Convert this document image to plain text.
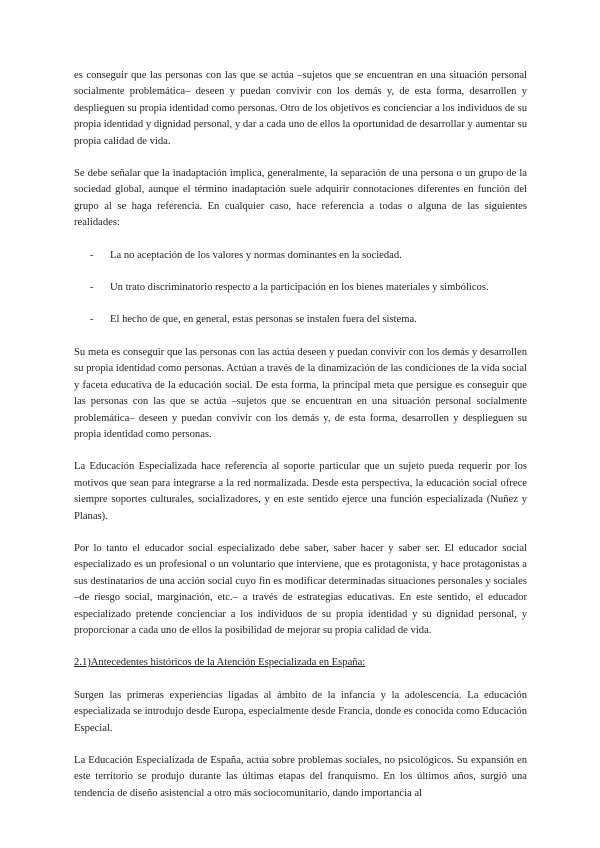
es conseguir que las personas con las que se actúa –sujetos que se encuentran en una situación personal socialmente problemática– deseen y puedan convivir con los demás y, de esta forma, desarrollen y desplieguen su propia identidad como personas. Otro de los objetivos es concienciar a los individuos de su propia identidad y dignidad personal, y dar a cada uno de ellos la oportunidad de desarrollar y aumentar su propia calidad de vida.

Se debe señalar que la inadaptación implica, generalmente, la separación de una persona o un grupo de la sociedad global, aunque el término inadaptación suele adquirir connotaciones diferentes en función del grupo al se haga referencia. En cualquier caso, hace referencia a todas o alguna de las siguientes realidades:

- La no aceptación de los valores y normas dominantes en la sociedad.
- Un trato discriminatorio respecto a la participación en los bienes materiales y simbólicos.
- El hecho de que, en general, estas personas se instalen fuera del sistema.

Su meta es conseguir que las personas con las actúa deseen y puedan convivir con los demás y desarrollen su propia identidad como personas. Actúan a través de la dinamización de las condiciones de la vida social y faceta educativa de la educación social. De esta forma, la principal meta que persigue es conseguir que las personas con las que se actúa –sujetos que se encuentran en una situación personal socialmente problemática– deseen y puedan convivir con los demás y, de esta forma, desarrollen y desplieguen su propia identidad como personas.

La Educación Especializada hace referencia al soporte particular que un sujeto pueda requerir por los motivos que sean para integrarse a la red normalizada. Desde esta perspectiva, la educación social ofrece siempre soportes culturales, socializadores, y en este sentido ejerce una función especializada (Nuñez y Planas).

Por lo tanto el educador social especializado debe saber, saber hacer y saber ser. El educador social especializado es un profesional o un voluntario que interviene, que es protagonista, y hace protagonistas a sus destinatarios de una acción social cuyo fin es modificar determinadas situaciones personales y sociales –de riesgo social, marginación, etc.– a través de estrategias educativas. En este sentido, el educador especializado pretende concienciar a los individuos de su propia identidad y su dignidad personal, y proporcionar a cada uno de ellos la posibilidad de mejorar su propia calidad de vida.

2.1)Antecedentes históricos de la Atención Especializada en España:

Surgen las primeras experiencias ligadas al ámbito de la infancia y la adolescencia. La educación especializada se introdujo desde Europa, especialmente desde Francia, donde es conocida como Educación Especial.

La Educación Especializada de España, actúa sobre problemas sociales, no psicológicos. Su expansión en este territorio se produjo durante las últimas etapas del franquismo. En los últimos años, surgió una tendencia de diseño asistencial a otro más sociocomunitario, dando importancia al
